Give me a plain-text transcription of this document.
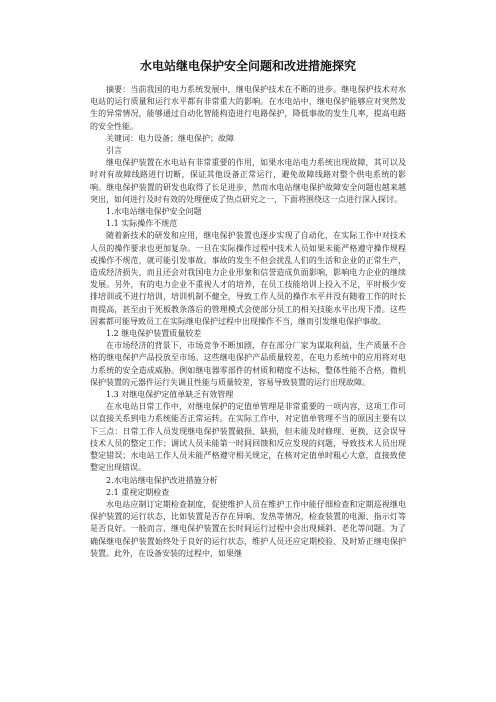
水电站继电保护安全问题和改进措施探究

摘要：当前我国的电力系统发展中，继电保护技术在不断的进步。继电保护技术对水电站的运行质量和运行水平都有非常重大的影响。在水电站中，继电保护能够应对突然发生的异常情况，能够通过自动化智能构造进行电路保护，降低事故的发生几率，提高电路的安全性能。

关键词：电力设备；继电保护；故障

引言

继电保护装置在水电站有非常重要的作用，如果水电站电力系统出现故障，其可以及时对有故障线路进行切断，保证其他设备正常运行，避免故障线路对整个供电系统的影响。继电保护装置的研发也取得了长足进步，然而水电站继电保护故障安全问题也越来越突出，如何进行及时有效的处理便成了热点研究之一，下面将围绕这一点进行深入探讨。

1.水电站继电保护安全问题

1.1 实际操作不规范

随着新技术的研发和应用，继电保护装置也逐步实现了自动化，在实际工作中对技术人员的操作要求也更加复杂。一旦在实际操作过程中技术人员如果未能严格遵守操作规程或操作不规范，就可能引发事故。事故的发生不但会扰乱人们的生活和企业的正常生产，造成经济损失，而且还会对我国电力企业形象和信誉造成负面影响，影响电力企业的继续发展。另外，有的电力企业不重视人才的培养，在员工技能培训上投入不足，平时极少安排培训或不进行培训，培训机制不健全，导致工作人员的操作水平并没有随着工作的时长而提高，甚至由于死板教条落后的管理模式会使部分员工的相关技能水平出现下滑。这些因素都可能导致员工在实际继电保护过程中出现操作不当，继而引发继电保护事故。

1.2 继电保护装置质量较差

在市场经济的背景下，市场竞争不断加剧，存在部分厂家为谋取利益，生产质量不合格的继电保护产品投放至市场。这些继电保护产品质量较差，在电力系统中的应用将对电力系统的安全造成威胁。例如继电器零部件的材质和精度不达标，整体性能不合格，微机保护装置的元器件运行失调且性能与质量较差，容易导致装置的运行出现故障。

1.3 对继电保护定值单缺乏有效管理

在水电站日常工作中，对继电保护的定值单管理是非常重要的一项内容，这项工作可以直接关系到电力系统能否正常运转。在实际工作中，对定值单管理不当的原因主要有以下三点：日常工作人员发现继电保护装置破损、缺损，但未能及时修理、更换，这会误导技术人员的整定工作；调试人员未能第一时间回馈和反应发现的问题，导致技术人员出现整定错误；水电站工作人员未能严格遵守相关规定，在核对定值单时粗心大意，直接致使整定出现错误。

2.水电站继电保护改进措施分析

2.1 重视定期检查

水电站应制订定期检查制度，促使维护人员在维护工作中能仔细检查和定期巡视继电保护装置的运行状态，比如装置是否存在异响、发热等情况，检查装置的电源、指示灯等是否良好。一般而言，继电保护装置在长时间运行过程中会出现倾斜、老化等问题。为了确保继电保护装置始终处于良好的运行状态，维护人员还应定期校验、及时矫正继电保护装置。此外，在设备安装的过程中，如果继
